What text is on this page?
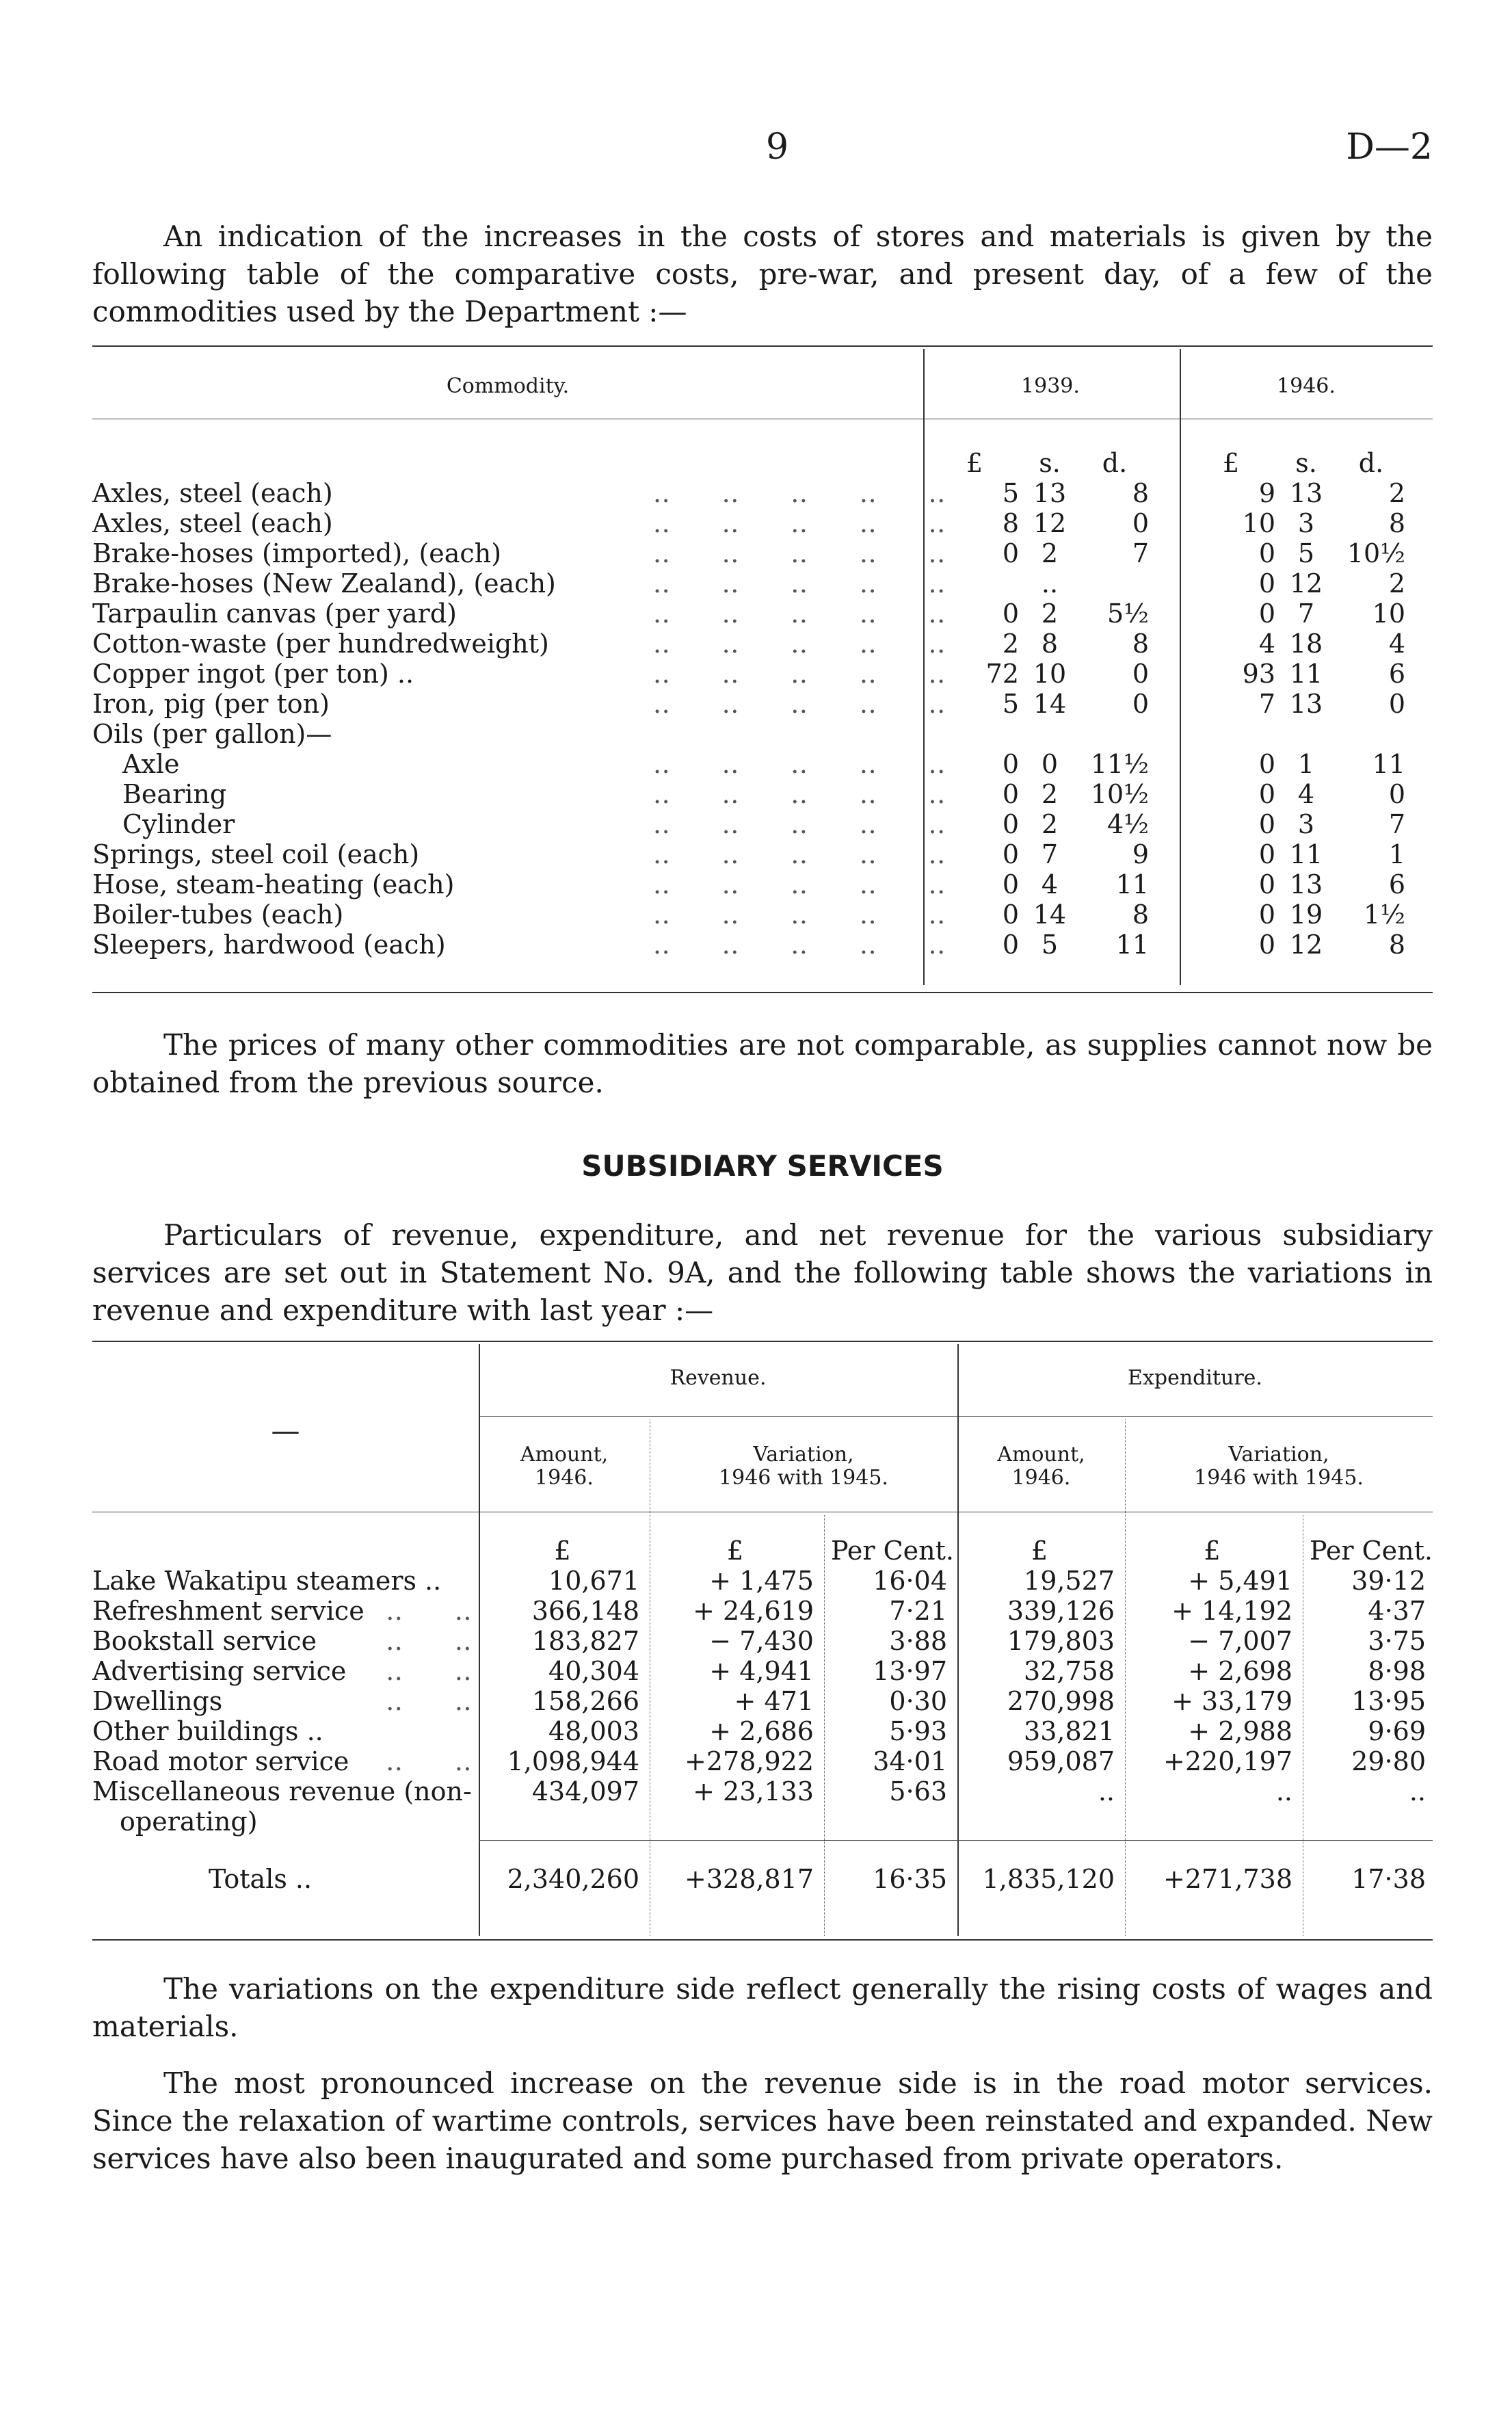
9	D—2

An indication of the increases in the costs of stores and materials is given by the following table of the comparative costs, pre-war, and present day, of a few of the commodities used by the Department :—

Commodity.	1939.	1946.
£	s.	d.	£	s.	d.
Axles, steel (each)	..      ..      ..      ..      ..	5 13	8	9 13	2
Axles, steel (each)	..      ..      ..      ..      ..	8 12	0	10 3	8
Brake-hoses (imported), (each)	..      ..      ..      ..      ..	0 2	7	0 5	10½
Brake-hoses (New Zealand), (each)	..      ..      ..      ..      ..	..	0 12	2
Tarpaulin canvas (per yard)	..      ..      ..      ..      ..	0 2	5½	0 7	10
Cotton-waste (per hundredweight)	..      ..      ..      ..      ..	2 8	8	4 18	4
Copper ingot (per ton) ..	..      ..      ..      ..      ..	72 10	0	93 11	6
Iron, pig (per ton)	..      ..      ..      ..      ..	5 14	0	7 13	0
Oils (per gallon)—
Axle	..      ..      ..      ..      ..	0 0	11½	0 1	11
Bearing	..      ..      ..      ..      ..	0 2	10½	0 4	0
Cylinder	..      ..      ..      ..      ..	0 2	4½	0 3	7
Springs, steel coil (each)	..      ..      ..      ..      ..	0 7	9	0 11	1
Hose, steam-heating (each)	..      ..      ..      ..      ..	0 4	11	0 13	6
Boiler-tubes (each)	..      ..      ..      ..      ..	0 14	8	0 19	1½
Sleepers, hardwood (each)	..      ..      ..      ..      ..	0 5	11	0 12	8

The prices of many other commodities are not comparable, as supplies cannot now be obtained from the previous source.

SUBSIDIARY SERVICES

Particulars of revenue, expenditure, and net revenue for the various subsidiary services are set out in Statement No. 9A, and the following table shows the variations in revenue and expenditure with last year :—

—
Revenue.	Expenditure.
Amount,
1946.
Variation,
1946 with 1945.
Amount,
1946.
Variation,
1946 with 1945.
£	£	Per Cent.	£	£	Per Cent.
Lake Wakatipu steamers ..	10,671	+ 1,475	16·04	19,527	+ 5,491	39·12
Refreshment service ..      ..	366,148	+ 24,619	7·21	339,126	+ 14,192	4·37
Bookstall service	..      ..	183,827	− 7,430	3·88	179,803	− 7,007	3·75
Advertising service	..      ..	40,304	+ 4,941	13·97	32,758	+ 2,698	8·98
Dwellings	..      ..	158,266	+ 471	0·30	270,998	+ 33,179	13·95
Other buildings ..	48,003	+ 2,686	5·93	33,821	+ 2,988	9·69
Road motor service	..      ..	1,098,944	+278,922	34·01	959,087	+220,197	29·80
Miscellaneous revenue (non-	434,097	+ 23,133	5·63	..	..	..
operating)
Totals ..	2,340,260	+328,817	16·35	1,835,120	+271,738	17·38

The variations on the expenditure side reflect generally the rising costs of wages and materials.

The most pronounced increase on the revenue side is in the road motor services. Since the relaxation of wartime controls, services have been reinstated and expanded. New services have also been inaugurated and some purchased from private operators.
